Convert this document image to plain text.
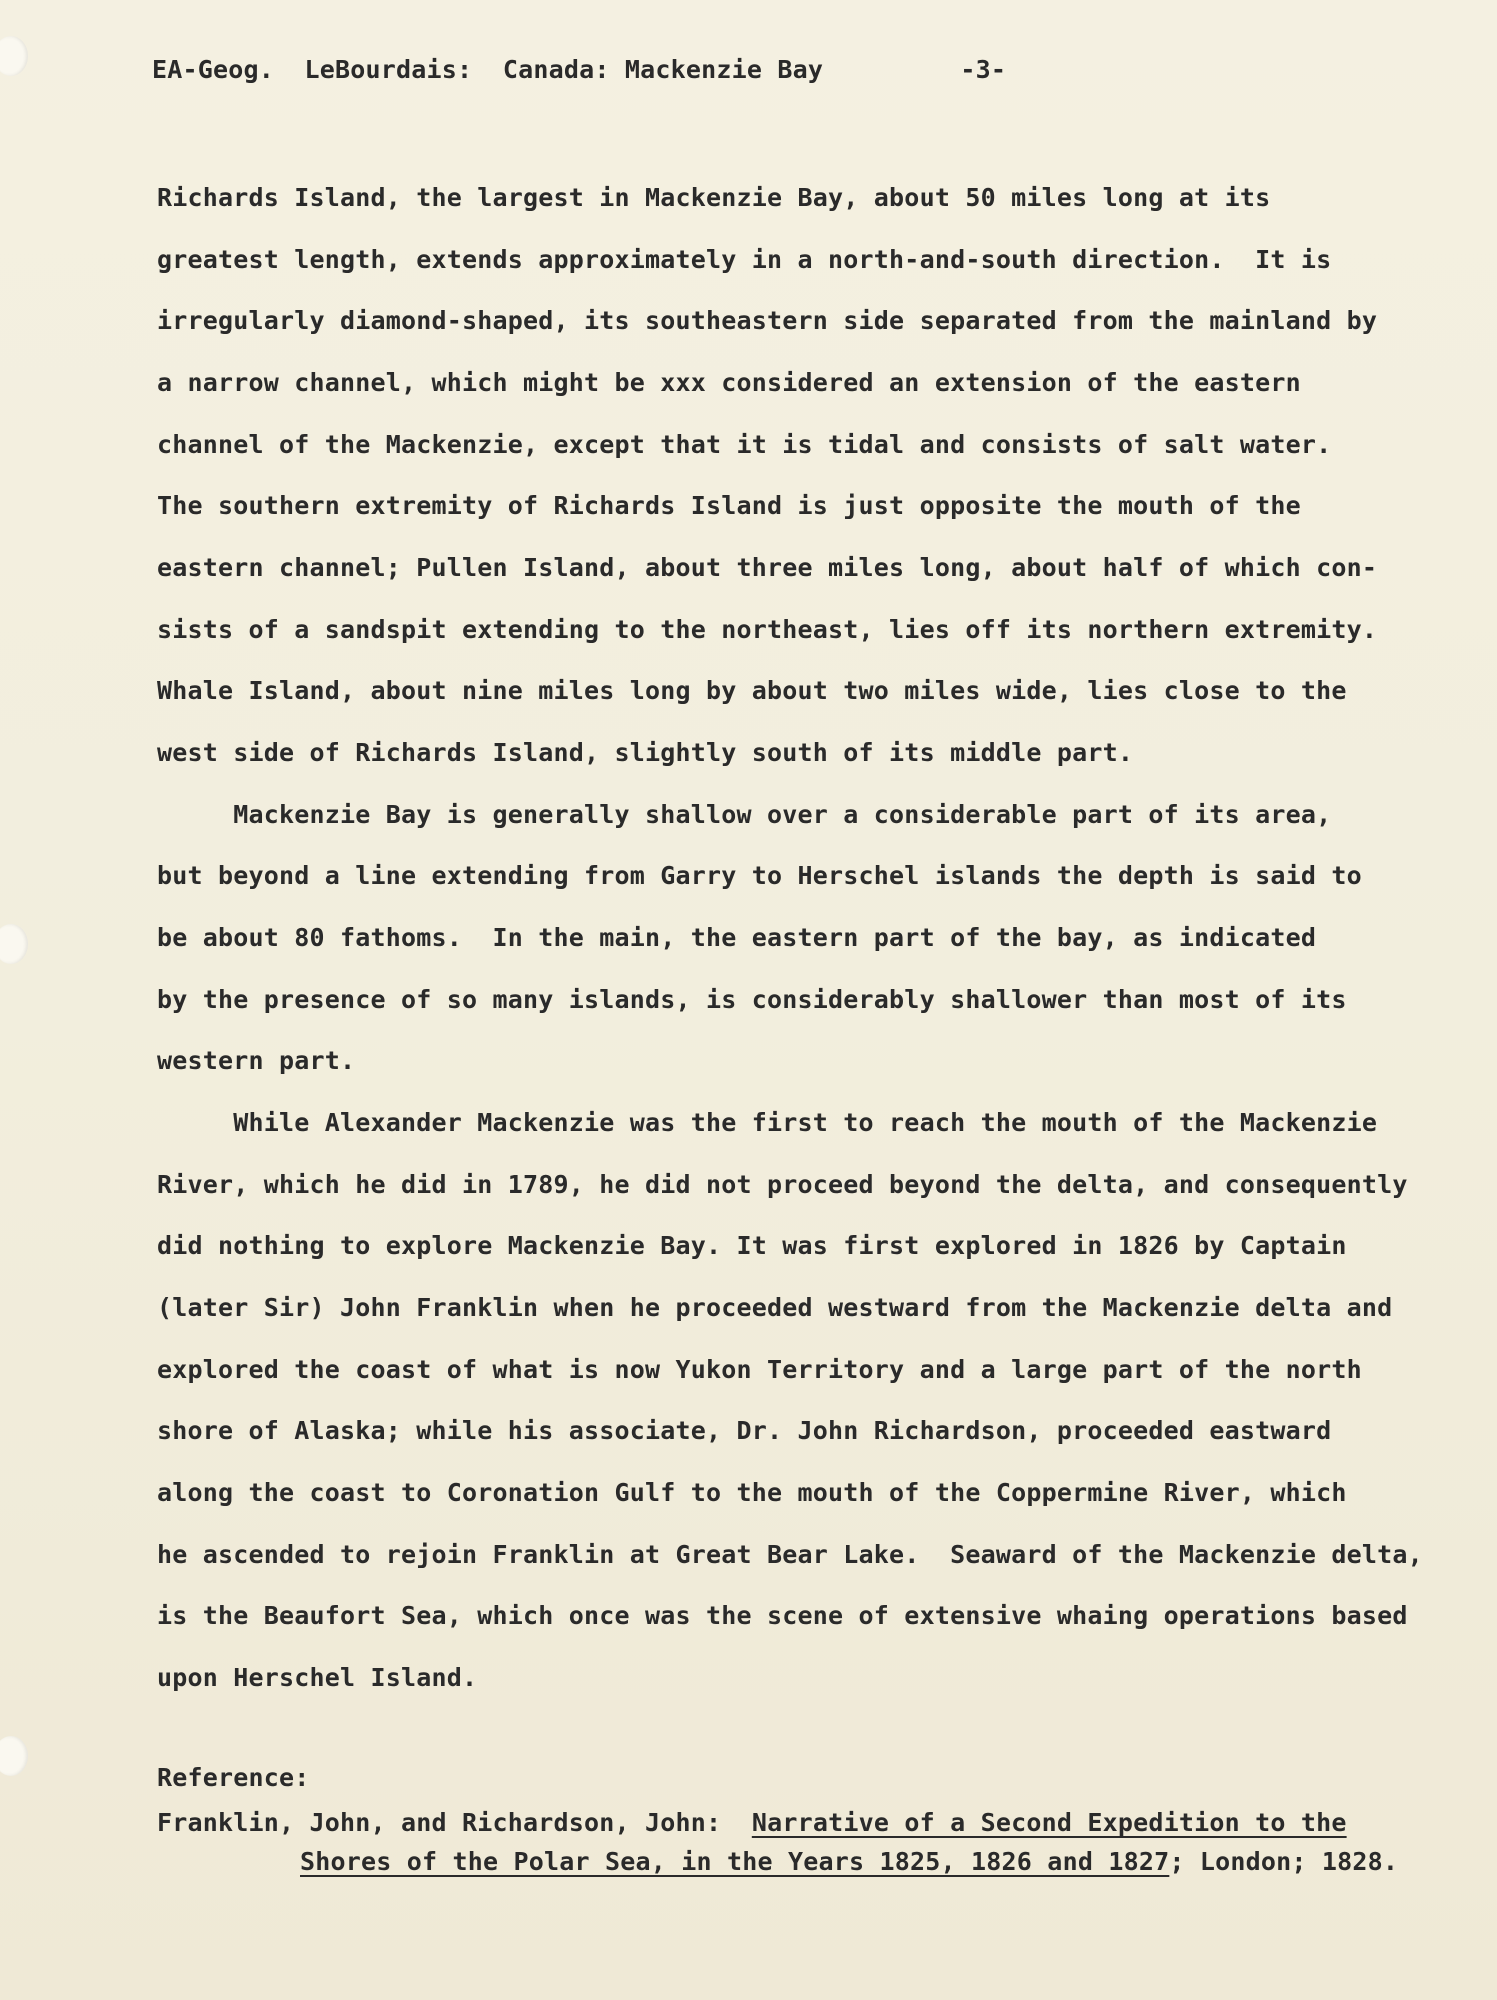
EA-Geog. LeBourdais: Canada: Mackenzie Bay	-3-
Richards Island, the largest in Mackenzie Bay, about 50 miles long at its
greatest length, extends approximately in a north-and-south direction.  It is
irregularly diamond-shaped, its southeastern side separated from the mainland by
a narrow channel, which might be xxx considered an extension of the eastern
channel of the Mackenzie, except that it is tidal and consists of salt water.
The southern extremity of Richards Island is just opposite the mouth of the
eastern channel; Pullen Island, about three miles long, about half of which con-
sists of a sandspit extending to the northeast, lies off its northern extremity.
Whale Island, about nine miles long by about two miles wide, lies close to the
west side of Richards Island, slightly south of its middle part.
Mackenzie Bay is generally shallow over a considerable part of its area,
but beyond a line extending from Garry to Herschel islands the depth is said to
be about 80 fathoms.  In the main, the eastern part of the bay, as indicated
by the presence of so many islands, is considerably shallower than most of its
western part.
While Alexander Mackenzie was the first to reach the mouth of the Mackenzie
River, which he did in 1789, he did not proceed beyond the delta, and consequently
did nothing to explore Mackenzie Bay. It was first explored in 1826 by Captain
(later Sir) John Franklin when he proceeded westward from the Mackenzie delta and
explored the coast of what is now Yukon Territory and a large part of the north
shore of Alaska; while his associate, Dr. John Richardson, proceeded eastward
along the coast to Coronation Gulf to the mouth of the Coppermine River, which
he ascended to rejoin Franklin at Great Bear Lake.  Seaward of the Mackenzie delta,
is the Beaufort Sea, which once was the scene of extensive whaing operations based
upon Herschel Island.
Reference:
Franklin, John, and Richardson, John: Narrative of a Second Expedition to the
Shores of the Polar Sea, in the Years 1825, 1826 and 1827; London; 1828.
